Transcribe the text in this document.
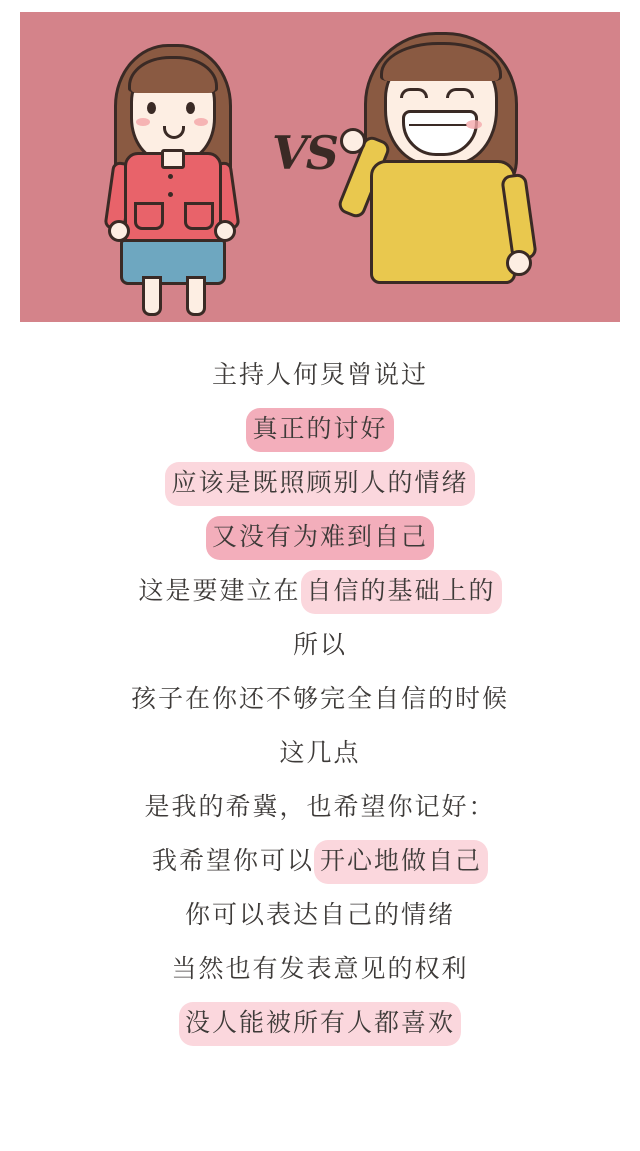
VS
主持人何炅曾说过
真正的讨好
应该是既照顾别人的情绪
又没有为难到自己
这是要建立在 自信的基础上的
所以
孩子在你还不够完全自信的时候
这几点
是我的希冀，也希望你记好：
我希望你可以 开心地做自己
你可以表达自己的情绪
当然也有发表意见的权利
没人能被所有人都喜欢
